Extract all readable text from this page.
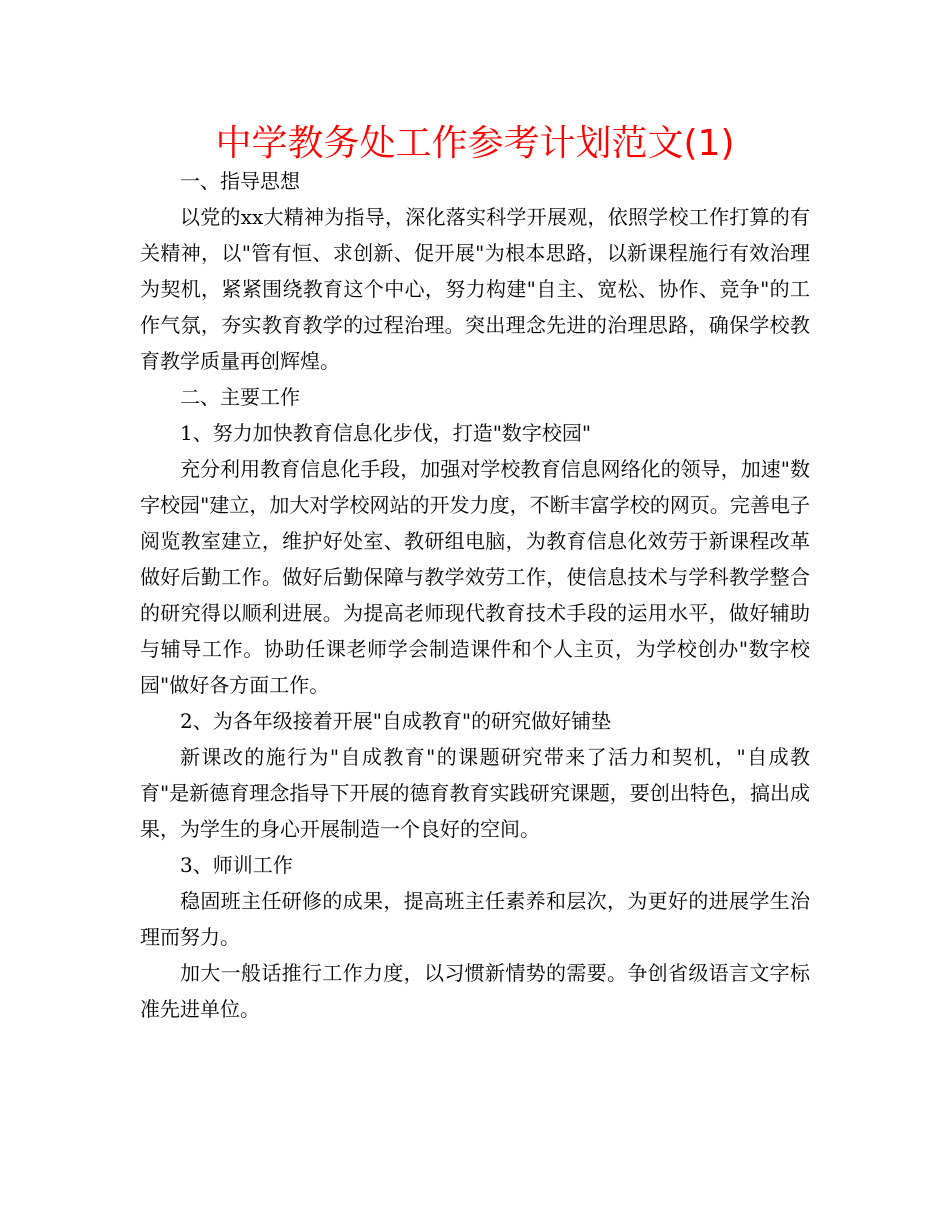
中学教务处工作参考计划范文(1)

一、指导思想

以党的xx大精神为指导，深化落实科学开展观，依照学校工作打算的有关精神，以"管有恒、求创新、促开展"为根本思路，以新课程施行有效治理为契机，紧紧围绕教育这个中心，努力构建"自主、宽松、协作、竞争"的工作气氛，夯实教育教学的过程治理。突出理念先进的治理思路，确保学校教育教学质量再创辉煌。

二、主要工作

1、努力加快教育信息化步伐，打造"数字校园"

充分利用教育信息化手段，加强对学校教育信息网络化的领导，加速"数字校园"建立，加大对学校网站的开发力度，不断丰富学校的网页。完善电子阅览教室建立，维护好处室、教研组电脑，为教育信息化效劳于新课程改革做好后勤工作。做好后勤保障与教学效劳工作，使信息技术与学科教学整合的研究得以顺利进展。为提高老师现代教育技术手段的运用水平，做好辅助与辅导工作。协助任课老师学会制造课件和个人主页，为学校创办"数字校园"做好各方面工作。

2、为各年级接着开展"自成教育"的研究做好铺垫

新课改的施行为"自成教育"的课题研究带来了活力和契机，"自成教育"是新德育理念指导下开展的德育教育实践研究课题，要创出特色，搞出成果，为学生的身心开展制造一个良好的空间。

3、师训工作

稳固班主任研修的成果，提高班主任素养和层次，为更好的进展学生治理而努力。

加大一般话推行工作力度，以习惯新情势的需要。争创省级语言文字标准先进单位。
